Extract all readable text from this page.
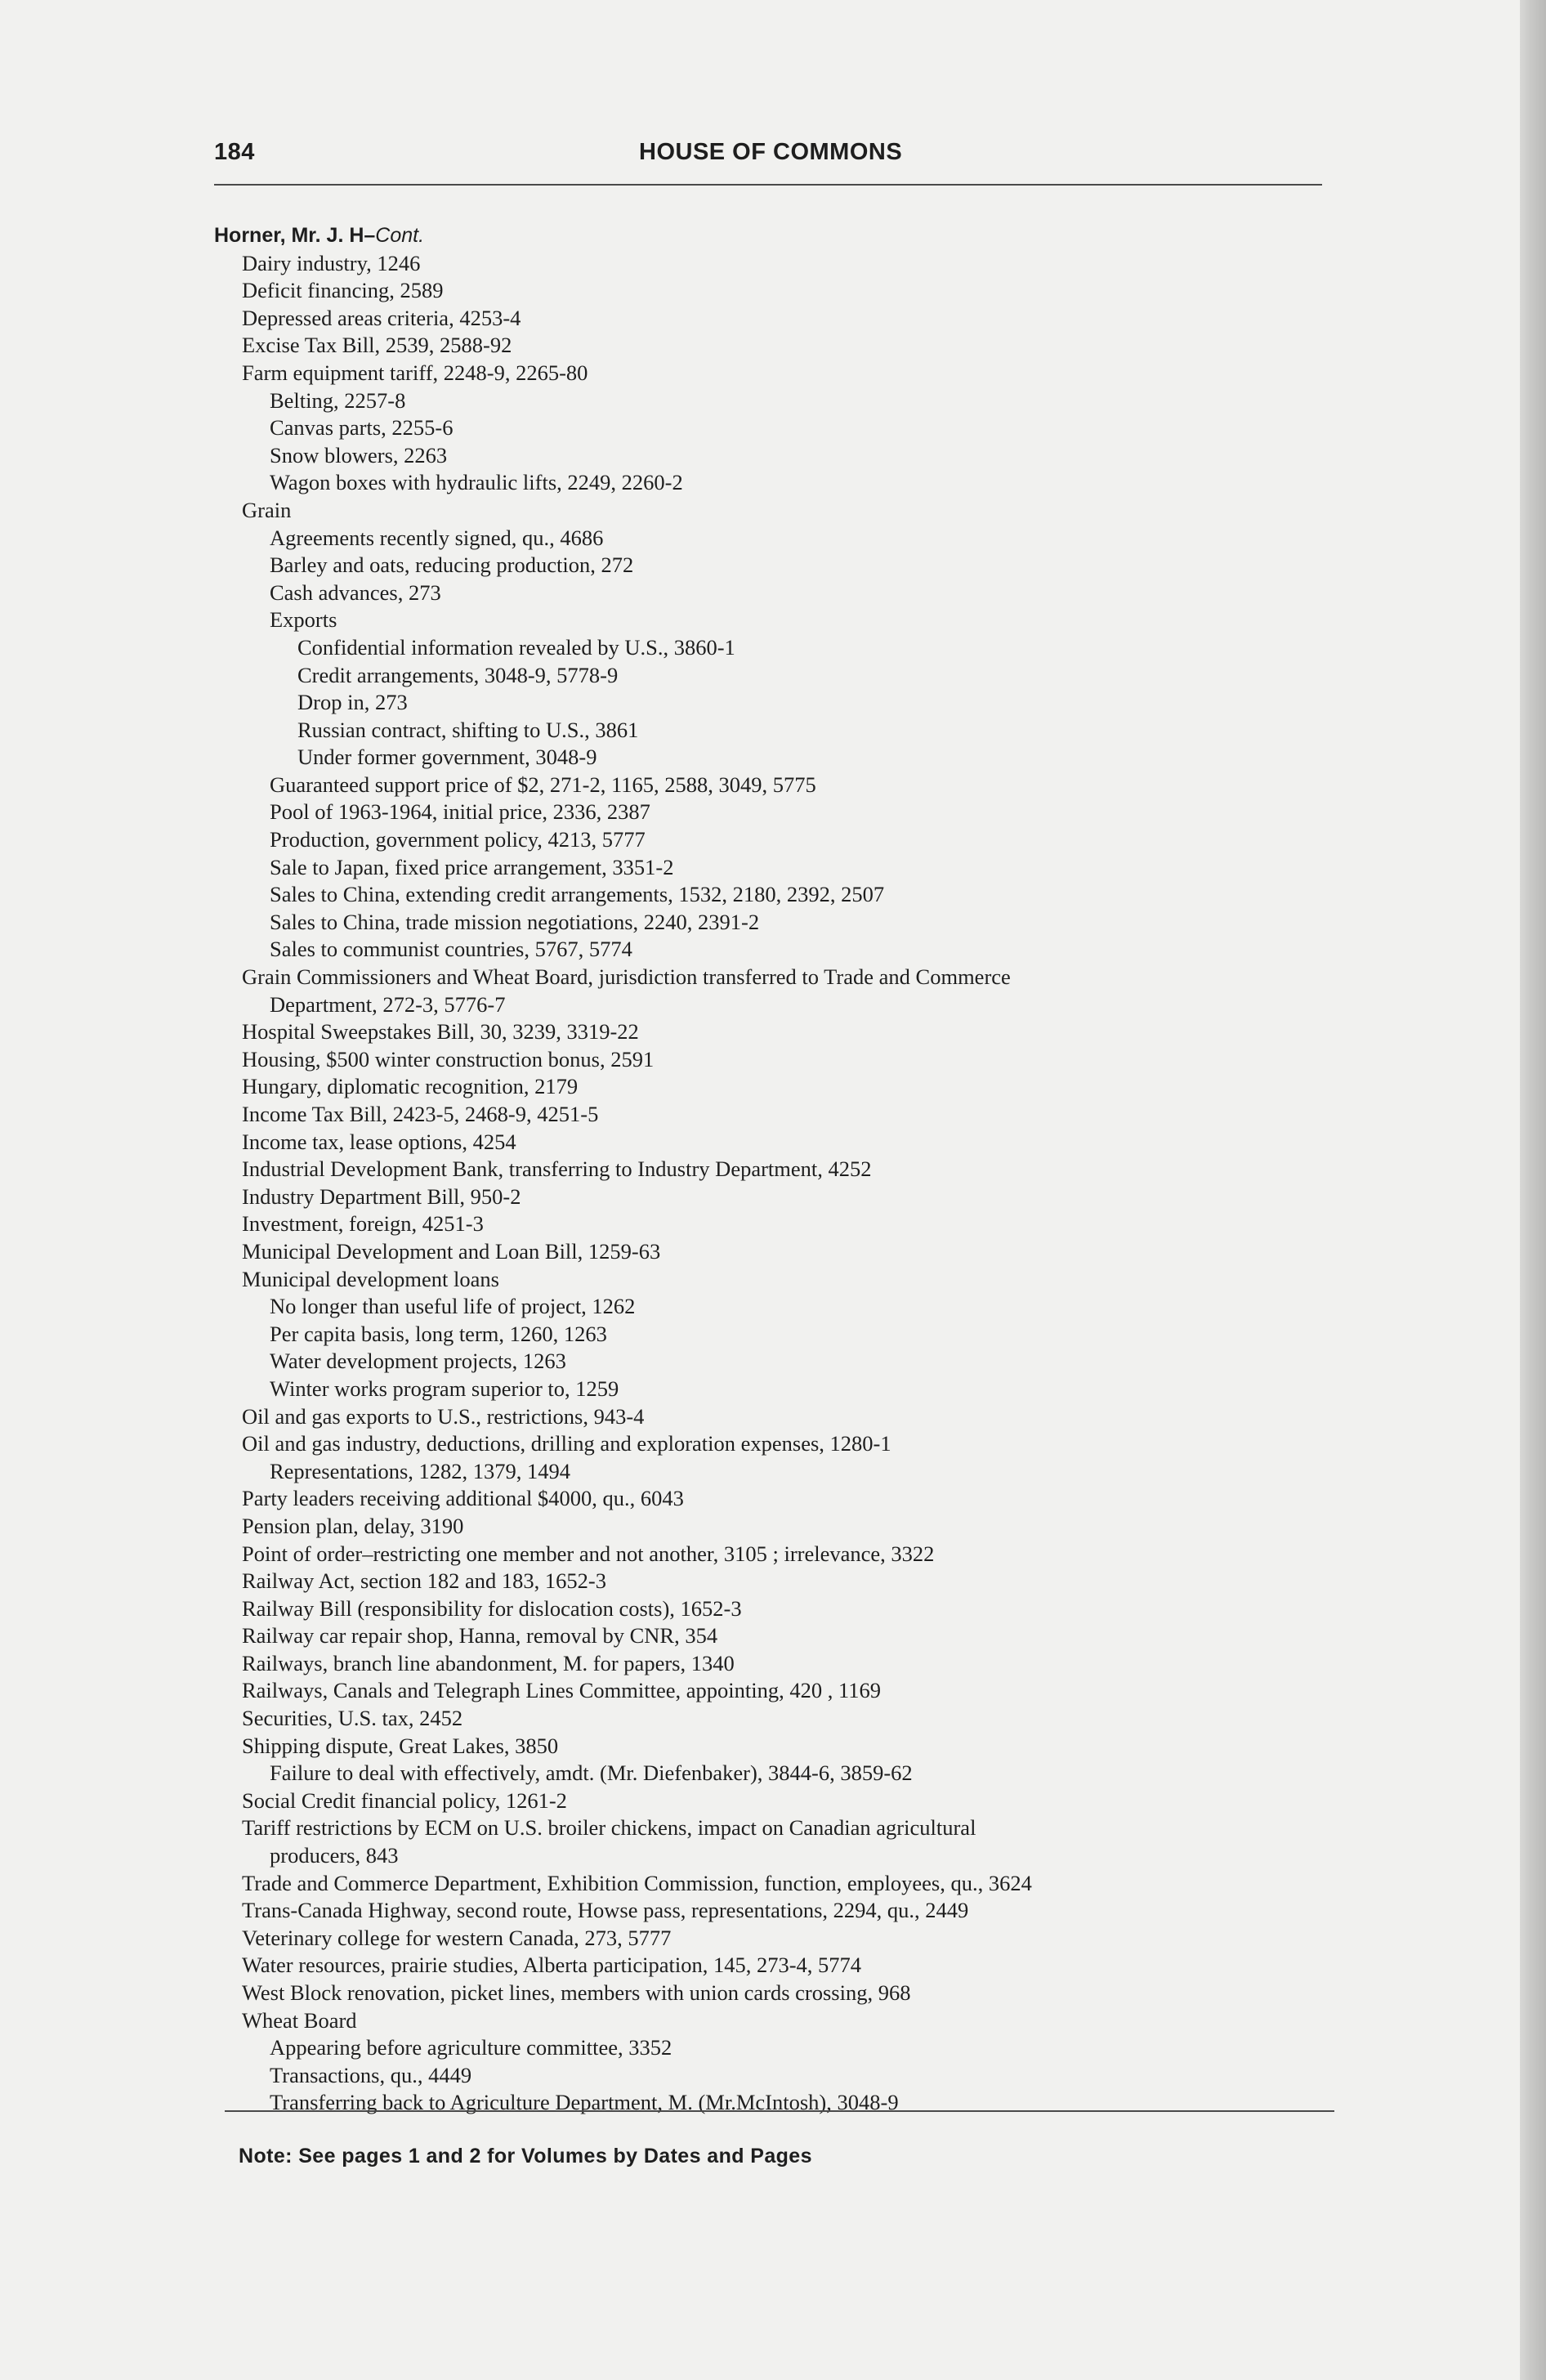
184	HOUSE OF COMMONS
Horner, Mr. J. H–Cont.
Dairy industry, 1246
Deficit financing, 2589
Depressed areas criteria, 4253-4
Excise Tax Bill, 2539, 2588-92
Farm equipment tariff, 2248-9, 2265-80
Belting, 2257-8
Canvas parts, 2255-6
Snow blowers, 2263
Wagon boxes with hydraulic lifts, 2249, 2260-2
Grain
Agreements recently signed, qu., 4686
Barley and oats, reducing production, 272
Cash advances, 273
Exports
Confidential information revealed by U.S., 3860-1
Credit arrangements, 3048-9, 5778-9
Drop in, 273
Russian contract, shifting to U.S., 3861
Under former government, 3048-9
Guaranteed support price of $2, 271-2, 1165, 2588, 3049, 5775
Pool of 1963-1964, initial price, 2336, 2387
Production, government policy, 4213, 5777
Sale to Japan, fixed price arrangement, 3351-2
Sales to China, extending credit arrangements, 1532, 2180, 2392, 2507
Sales to China, trade mission negotiations, 2240, 2391-2
Sales to communist countries, 5767, 5774
Grain Commissioners and Wheat Board, jurisdiction transferred to Trade and Commerce
Department, 272-3, 5776-7
Hospital Sweepstakes Bill, 30, 3239, 3319-22
Housing, $500 winter construction bonus, 2591
Hungary, diplomatic recognition, 2179
Income Tax Bill, 2423-5, 2468-9, 4251-5
Income tax, lease options, 4254
Industrial Development Bank, transferring to Industry Department, 4252
Industry Department Bill, 950-2
Investment, foreign, 4251-3
Municipal Development and Loan Bill, 1259-63
Municipal development loans
No longer than useful life of project, 1262
Per capita basis, long term, 1260, 1263
Water development projects, 1263
Winter works program superior to, 1259
Oil and gas exports to U.S., restrictions, 943-4
Oil and gas industry, deductions, drilling and exploration expenses, 1280-1
Representations, 1282, 1379, 1494
Party leaders receiving additional $4000, qu., 6043
Pension plan, delay, 3190
Point of order–restricting one member and not another, 3105 ; irrelevance, 3322
Railway Act, section 182 and 183, 1652-3
Railway Bill (responsibility for dislocation costs), 1652-3
Railway car repair shop, Hanna, removal by CNR, 354
Railways, branch line abandonment, M. for papers, 1340
Railways, Canals and Telegraph Lines Committee, appointing, 420 , 1169
Securities, U.S. tax, 2452
Shipping dispute, Great Lakes, 3850
Failure to deal with effectively, amdt. (Mr. Diefenbaker), 3844-6, 3859-62
Social Credit financial policy, 1261-2
Tariff restrictions by ECM on U.S. broiler chickens, impact on Canadian agricultural
producers, 843
Trade and Commerce Department, Exhibition Commission, function, employees, qu., 3624
Trans-Canada Highway, second route, Howse pass, representations, 2294, qu., 2449
Veterinary college for western Canada, 273, 5777
Water resources, prairie studies, Alberta participation, 145, 273-4, 5774
West Block renovation, picket lines, members with union cards crossing, 968
Wheat Board
Appearing before agriculture committee, 3352
Transactions, qu., 4449
Transferring back to Agriculture Department, M. (Mr.McIntosh), 3048-9
Note: See pages 1 and 2 for Volumes by Dates and Pages
